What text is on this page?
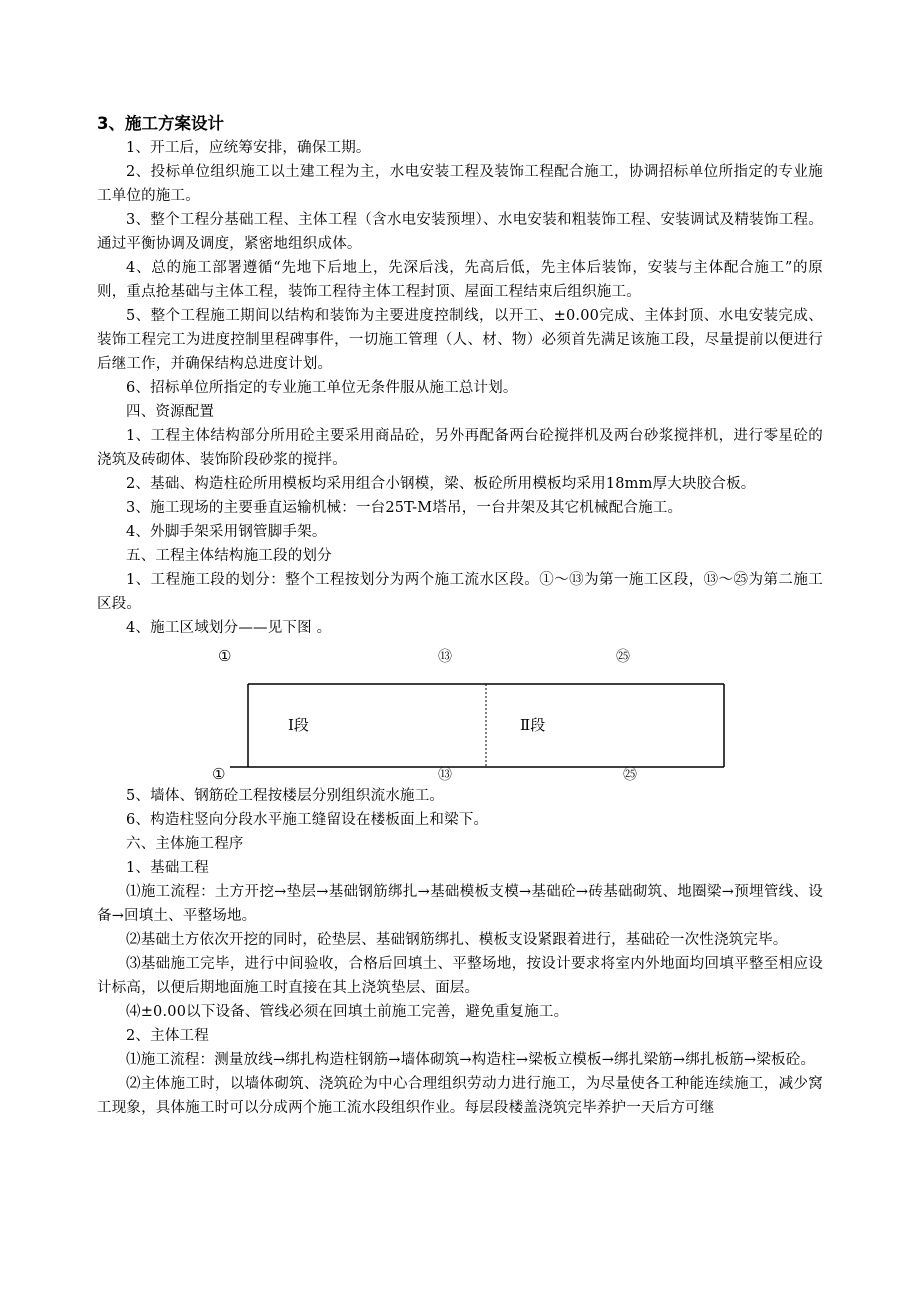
3、施工方案设计

1、开工后，应统筹安排，确保工期。

2、投标单位组织施工以土建工程为主，水电安装工程及装饰工程配合施工，协调招标单位所指定的专业施工单位的施工。

3、整个工程分基础工程、主体工程（含水电安装预埋）、水电安装和粗装饰工程、安装调试及精装饰工程。通过平衡协调及调度，紧密地组织成体。

4、总的施工部署遵循“先地下后地上，先深后浅，先高后低，先主体后装饰，安装与主体配合施工”的原则，重点抢基础与主体工程，装饰工程待主体工程封顶、屋面工程结束后组织施工。

5、整个工程施工期间以结构和装饰为主要进度控制线，以开工、±0.00完成、主体封顶、水电安装完成、装饰工程完工为进度控制里程碑事件，一切施工管理（人、材、物）必须首先满足该施工段，尽量提前以便进行后继工作，并确保结构总进度计划。

6、招标单位所指定的专业施工单位无条件服从施工总计划。

四、资源配置

1、工程主体结构部分所用砼主要采用商品砼，另外再配备两台砼搅拌机及两台砂浆搅拌机，进行零星砼的浇筑及砖砌体、装饰阶段砂浆的搅拌。

2、基础、构造柱砼所用模板均采用组合小钢模，梁、板砼所用模板均采用18mm厚大块胶合板。

3、施工现场的主要垂直运输机械：一台25T-M塔吊，一台井架及其它机械配合施工。

4、外脚手架采用钢管脚手架。

五、工程主体结构施工段的划分

1、工程施工段的划分：整个工程按划分为两个施工流水区段。①～⑬为第一施工区段，⑬～㉕为第二施工区段。

4、施工区域划分——见下图 。

①	⑬	㉕
Ⅰ段	Ⅱ段
①	⑬	㉕

5、墙体、钢筋砼工程按楼层分别组织流水施工。

6、构造柱竖向分段水平施工缝留设在楼板面上和梁下。

六、主体施工程序

1、基础工程

⑴施工流程：土方开挖→垫层→基础钢筋绑扎→基础模板支模→基础砼→砖基础砌筑、地圈梁→预埋管线、设备→回填土、平整场地。

⑵基础土方依次开挖的同时，砼垫层、基础钢筋绑扎、模板支设紧跟着进行，基础砼一次性浇筑完毕。

⑶基础施工完毕，进行中间验收，合格后回填土、平整场地，按设计要求将室内外地面均回填平整至相应设计标高，以便后期地面施工时直接在其上浇筑垫层、面层。

⑷±0.00以下设备、管线必须在回填土前施工完善，避免重复施工。

2、主体工程

⑴施工流程：测量放线→绑扎构造柱钢筋→墙体砌筑→构造柱→梁板立模板→绑扎梁筋→绑扎板筋→梁板砼。

⑵主体施工时，以墙体砌筑、浇筑砼为中心合理组织劳动力进行施工，为尽量使各工种能连续施工，减少窝工现象，具体施工时可以分成两个施工流水段组织作业。每层段楼盖浇筑完毕养护一天后方可继
